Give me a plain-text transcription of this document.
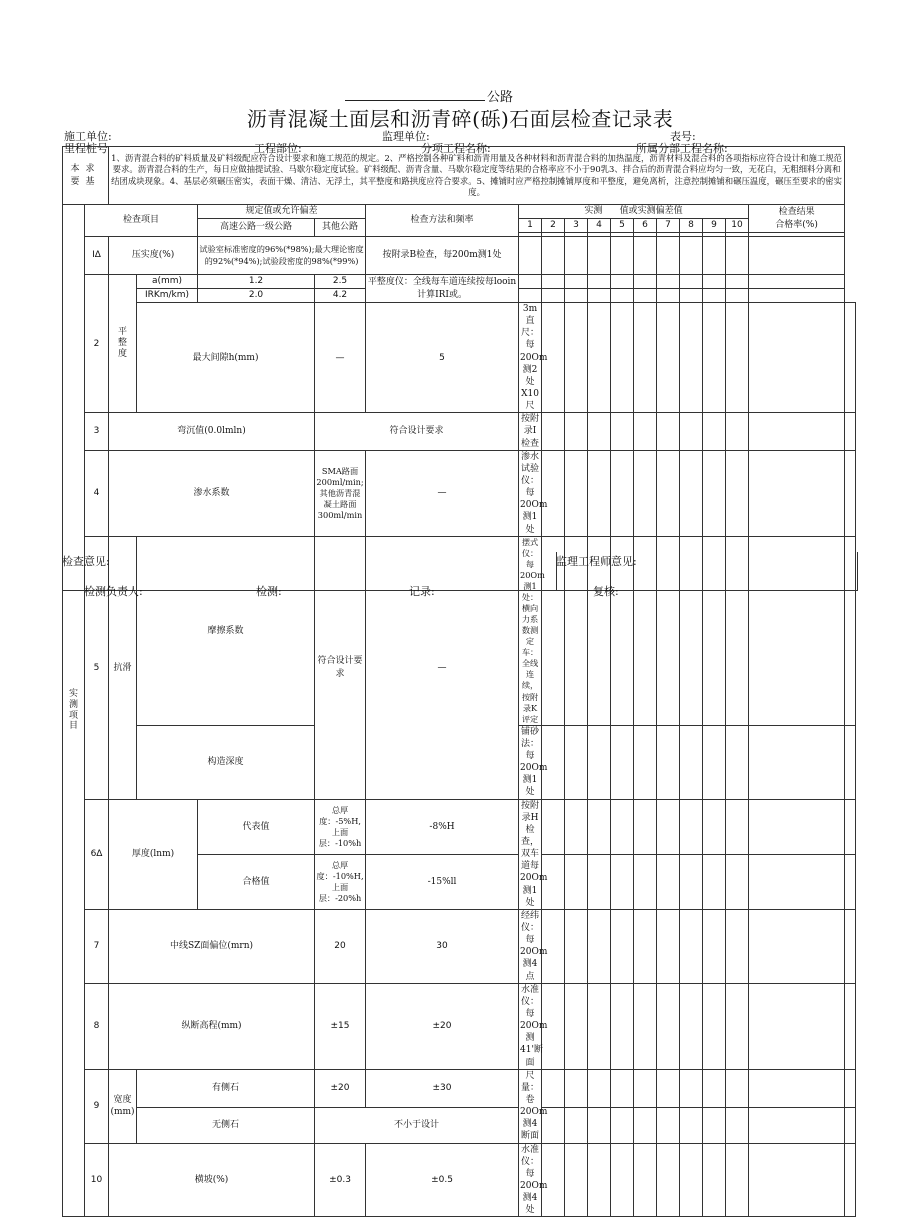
公路
沥青混凝土面层和沥青碎(砾)石面层检查记录表
施工单位:	监理单位:	表号:
里程桩号	工程部位:	分项工程名称:	所属分部工程名称:
本求
要基		1、沥青混合料的矿料质量及矿料级配应符合设计要求和施工规范的规定。2、严格控制各种矿料和沥青用量及各种材料和沥青混合料的加热温度，沥青材料及混合料的各项指标应符合设计和施工规范要求。沥青混合料的生产，每日应做抽提试验、马歇尔稳定度试验。矿料级配、沥青含量、马歇尔稳定度等结果的合格率应不小于90乳3、拌合后的沥青混合料应均匀一致，无花白，无粗细料分离和结团成块现象。4、基层必须碾压密实，表面干燥、清洁、无浮土，其平整度和路拱度应符合要求。5、摊铺时应严格控制摊铺厚度和平整度，避免离析，注意控制摊铺和碾压温度，碾压至要求的密实度。																
实测项目	检查项目			规定值或允许偏差		检查方法和频率	实测 值或实测偏差值										检查结果	
				高速公路一级公路	其他公路		1	2	3	4	5	6	7	8	9	10	合格率(%)	

	IΔ	压实度(%)		试验室标准密度的96%(*98%);最大理论密度的92%(*94%);试验段密度的98%(*99%)		按附录B检查，每200m测1处												
	2	平整度	a(mm)	1.2	2.5	平整度仪：全线每车道连续按每looin计算IRI或。												
			IRKm/km)	2.0	4.2													
			最大间隙h(mm)		—	5	3m直尺：每20Om测2处X10尺											
	3	弯沉值(0.0lmln)			符合设计要求		按附录I检查											
	4	渗水系数			SMA路面200ml/min;其他沥青混凝土路面300ml/min	—	渗水试验仪：每20Om测1处											
	5	抗滑	摩擦系数		符合设计要求	—	摆式仪：每20Om测1处：横向力系数测定车：全线连续，按附录K评定											
			构造深度				铺砂法：每20Om测1处											
	6Δ	厚度(lnm)		代表值	总厚度：-5%H,上面层：-10%h	-8%H	按附录H检查，双车道每20Om测1处											
				合格值	总厚度：-10%H,上面层：-20%h	-15%ll												
	7	中线SZ面偏位(mrn)			20	30	经纬仪：每20Om测4点											
	8	纵断高程(mm)			±15	±20	水准仪：每20Om测41'断面											
	9	宽度(mm)	有侧石		±20	±30	尺量：卷20Om测4断面											
			无侧石		不小于设计													
	10	横坡(%)			±0.3	±0.5	水准仪：每20Om测4处											
检查意见:	监理工程师意见:
检测负责人:	检测:	记录:	复核:
